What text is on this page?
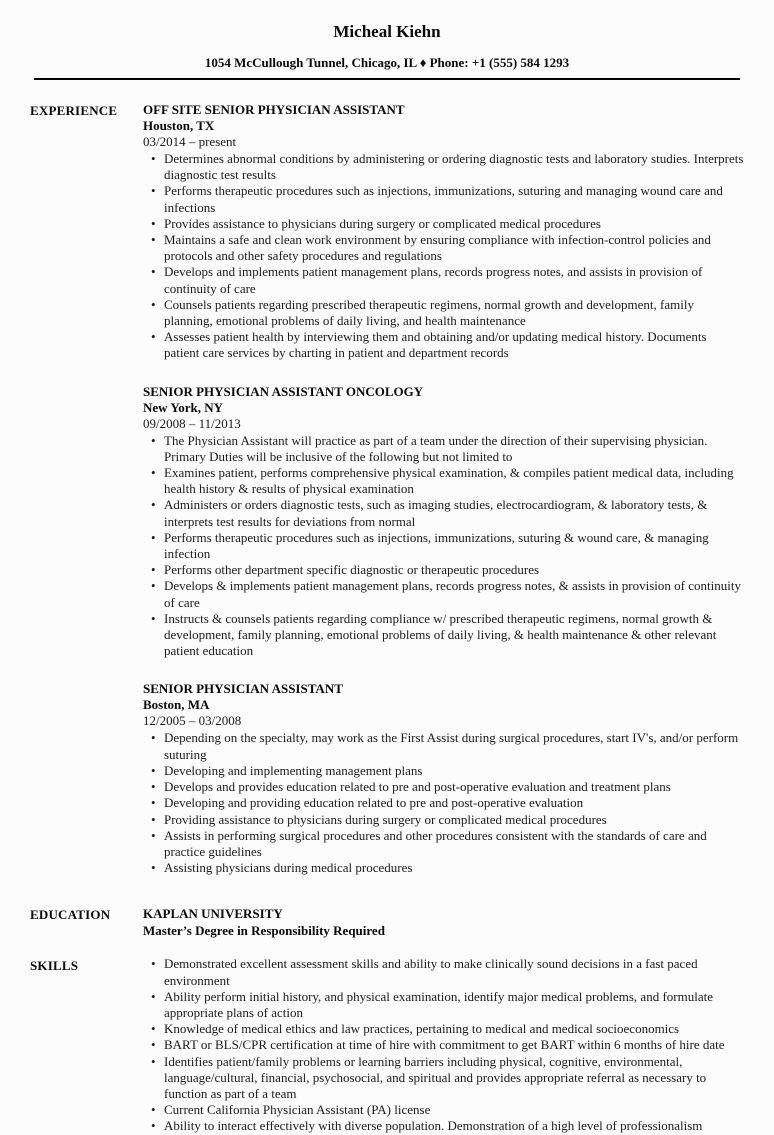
Micheal Kiehn
1054 McCullough Tunnel, Chicago, IL ♦ Phone: +1 (555) 584 1293
EXPERIENCE	OFF SITE SENIOR PHYSICIAN ASSISTANT
Houston, TX
03/2014 – present
• Determines abnormal conditions by administering or ordering diagnostic tests and laboratory studies. Interprets diagnostic test results
• Performs therapeutic procedures such as injections, immunizations, suturing and managing wound care and infections
• Provides assistance to physicians during surgery or complicated medical procedures
• Maintains a safe and clean work environment by ensuring compliance with infection-control policies and protocols and other safety procedures and regulations
• Develops and implements patient management plans, records progress notes, and assists in provision of continuity of care
• Counsels patients regarding prescribed therapeutic regimens, normal growth and development, family planning, emotional problems of daily living, and health maintenance
• Assesses patient health by interviewing them and obtaining and/or updating medical history. Documents patient care services by charting in patient and department records
SENIOR PHYSICIAN ASSISTANT ONCOLOGY
New York, NY
09/2008 – 11/2013
• The Physician Assistant will practice as part of a team under the direction of their supervising physician. Primary Duties will be inclusive of the following but not limited to
• Examines patient, performs comprehensive physical examination, & compiles patient medical data, including health history & results of physical examination
• Administers or orders diagnostic tests, such as imaging studies, electrocardiogram, & laboratory tests, & interprets test results for deviations from normal
• Performs therapeutic procedures such as injections, immunizations, suturing & wound care, & managing infection
• Performs other department specific diagnostic or therapeutic procedures
• Develops & implements patient management plans, records progress notes, & assists in provision of continuity of care
• Instructs & counsels patients regarding compliance w/ prescribed therapeutic regimens, normal growth & development, family planning, emotional problems of daily living, & health maintenance & other relevant patient education
SENIOR PHYSICIAN ASSISTANT
Boston, MA
12/2005 – 03/2008
• Depending on the specialty, may work as the First Assist during surgical procedures, start IV's, and/or perform suturing
• Developing and implementing management plans
• Develops and provides education related to pre and post-operative evaluation and treatment plans
• Developing and providing education related to pre and post-operative evaluation
• Providing assistance to physicians during surgery or complicated medical procedures
• Assists in performing surgical procedures and other procedures consistent with the standards of care and practice guidelines
• Assisting physicians during medical procedures
EDUCATION	KAPLAN UNIVERSITY
Master’s Degree in Responsibility Required
SKILLS	• Demonstrated excellent assessment skills and ability to make clinically sound decisions in a fast paced environment
• Ability perform initial history, and physical examination, identify major medical problems, and formulate appropriate plans of action
• Knowledge of medical ethics and law practices, pertaining to medical and medical socioeconomics
• BART or BLS/CPR certification at time of hire with commitment to get BART within 6 months of hire date
• Identifies patient/family problems or learning barriers including physical, cognitive, environmental, language/cultural, financial, psychosocial, and spiritual and provides appropriate referral as necessary to function as part of a team
• Current California Physician Assistant (PA) license
• Ability to interact effectively with diverse population. Demonstration of a high level of professionalism
